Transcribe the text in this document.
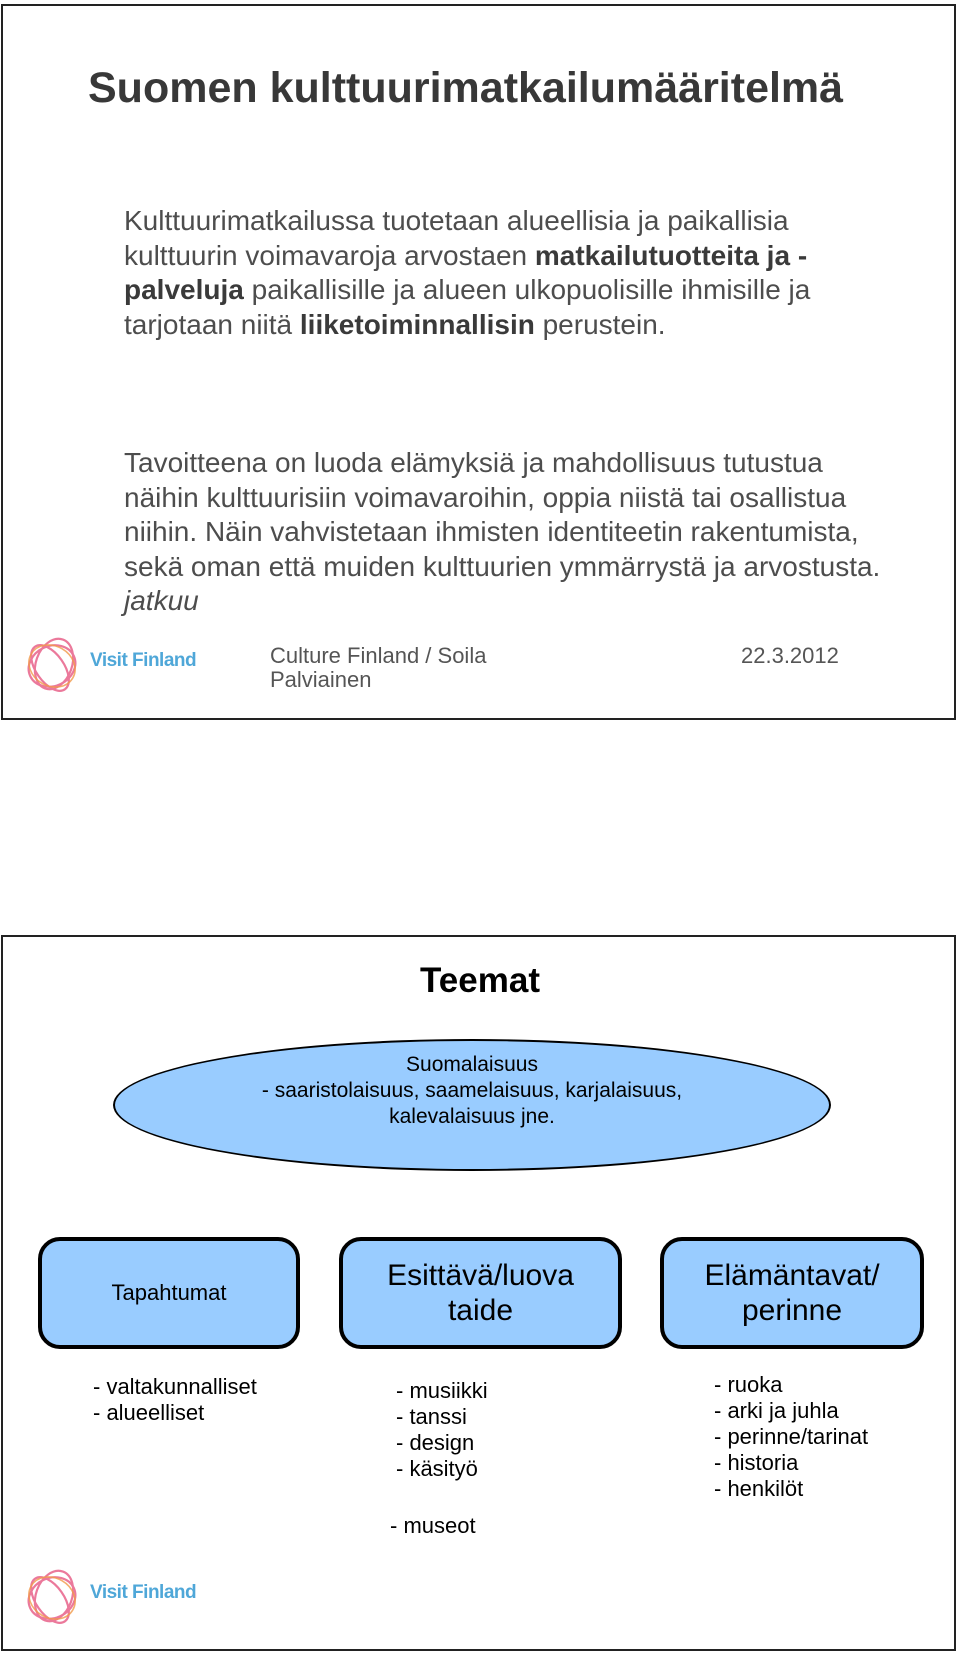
Suomen kulttuurimatkailumääritelmä

Kulttuurimatkailussa tuotetaan alueellisia ja paikallisia kulttuurin voimavaroja arvostaen matkailutuotteita ja -palveluja paikallisille ja alueen ulkopuolisille ihmisille ja tarjotaan niitä liiketoiminnallisin perustein.

Tavoitteena on luoda elämyksiä ja mahdollisuus tutustua näihin kulttuurisiin voimavaroihin, oppia niistä tai osallistua niihin. Näin vahvistetaan ihmisten identiteetin rakentumista, sekä oman että muiden kulttuurien ymmärrystä ja arvostusta. jatkuu

Visit Finland	Culture Finland / Soila Palviainen
22.3.2012
Teemat
Suomalaisuus
- saaristolaisuus, saamelaisuus, karjalaisuus,
kalevalaisuus jne.
Tapahtumat
Esittävä/luova
taide
Elämäntavat/
perinne
- valtakunnalliset
- alueelliset
- musiikki
- tanssi
- design
- käsityö
- museot
- ruoka
- arki ja juhla
- perinne/tarinat
- historia
- henkilöt
Visit Finland
